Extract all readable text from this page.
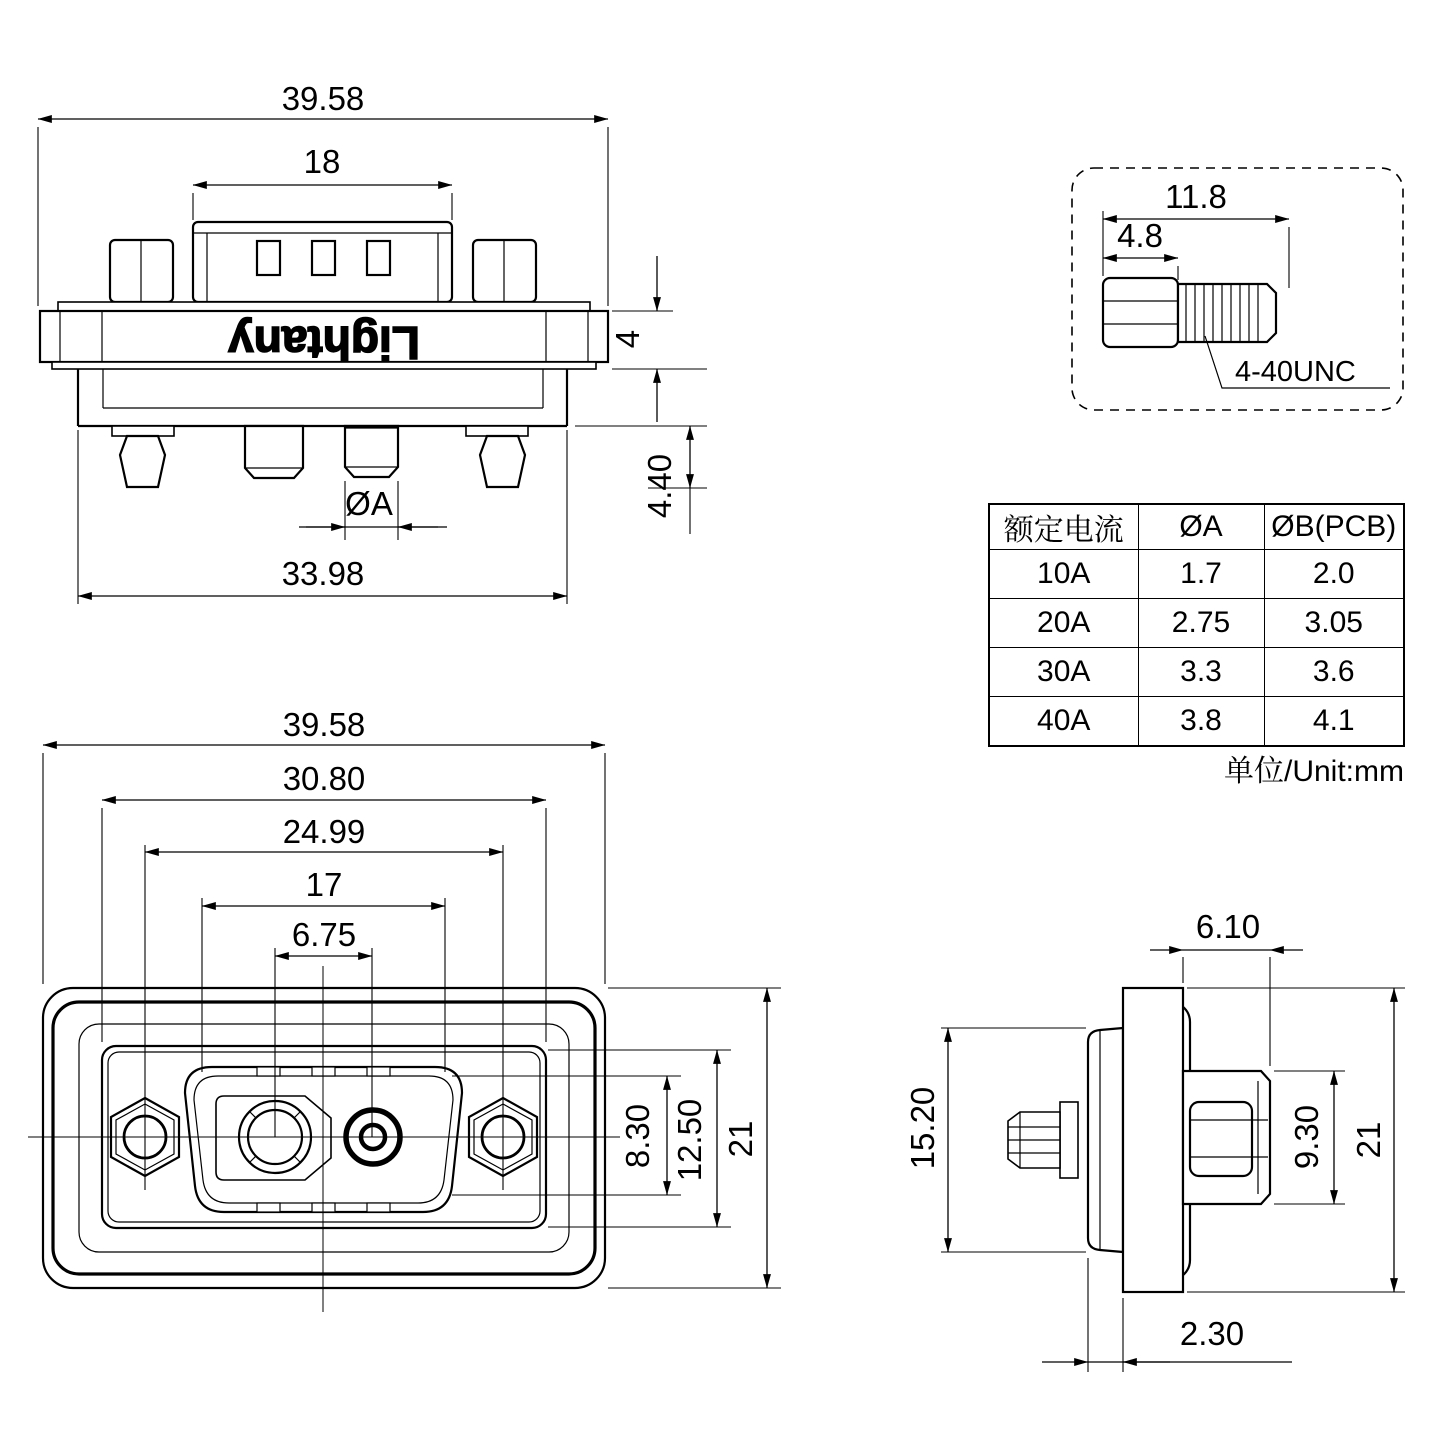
Lightany
39.58
18
4
4.40
ØA
33.98
11.8
4.8
4-40UNC
39.58
30.80
24.99
17
6.75
8.30 12.50 21
6.10
15.20	9.30 21
2.30
额定电流	ØA	ØB(PCB)
10A	1.7	2.0
20A	2.75	3.05
30A	3.3	3.6
40A	3.8	4.1
单位/Unit:mm
